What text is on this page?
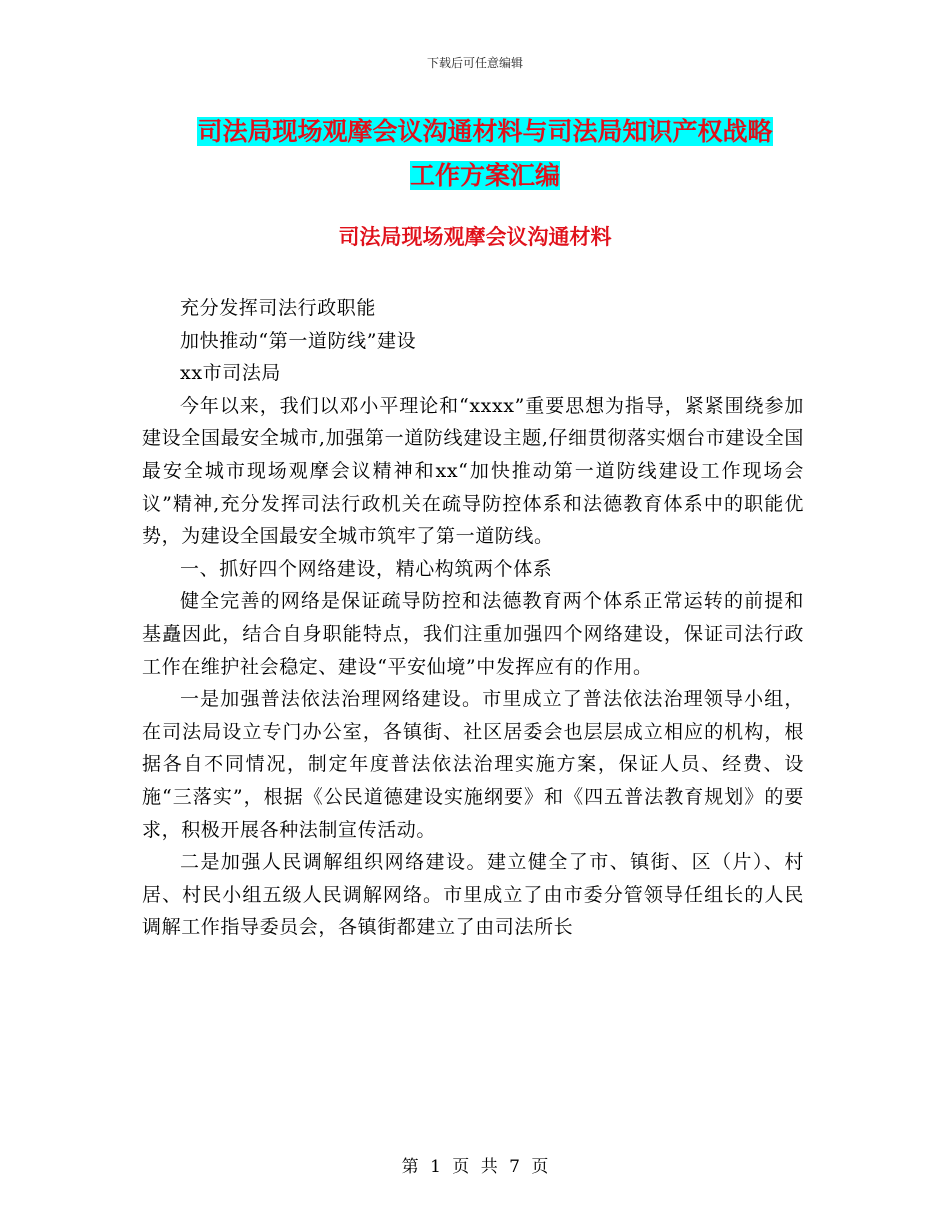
下载后可任意编辑
司法局现场观摩会议沟通材料与司法局知识产权战略
工作方案汇编
司法局现场观摩会议沟通材料

充分发挥司法行政职能

加快推动“第一道防线”建设

xx市司法局

今年以来，我们以邓小平理论和“xxxx”重要思想为指导，紧紧围绕参加建设全国最安全城市,加强第一道防线建设主题,仔细贯彻落实烟台市建设全国最安全城市现场观摩会议精神和xx“加快推动第一道防线建设工作现场会议”精神,充分发挥司法行政机关在疏导防控体系和法德教育体系中的职能优势，为建设全国最安全城市筑牢了第一道防线。

一、抓好四个网络建设，精心构筑两个体系

健全完善的网络是保证疏导防控和法德教育两个体系正常运转的前提和基矗因此，结合自身职能特点，我们注重加强四个网络建设，保证司法行政工作在维护社会稳定、建设“平安仙境”中发挥应有的作用。

一是加强普法依法治理网络建设。市里成立了普法依法治理领导小组，在司法局设立专门办公室，各镇街、社区居委会也层层成立相应的机构，根据各自不同情况，制定年度普法依法治理实施方案，保证人员、经费、设施“三落实”，根据《公民道德建设实施纲要》和《四五普法教育规划》的要求，积极开展各种法制宣传活动。

二是加强人民调解组织网络建设。建立健全了市、镇街、区（片）、村居、村民小组五级人民调解网络。市里成立了由市委分管领导任组长的人民调解工作指导委员会，各镇街都建立了由司法所长

第 1 页 共 7 页
